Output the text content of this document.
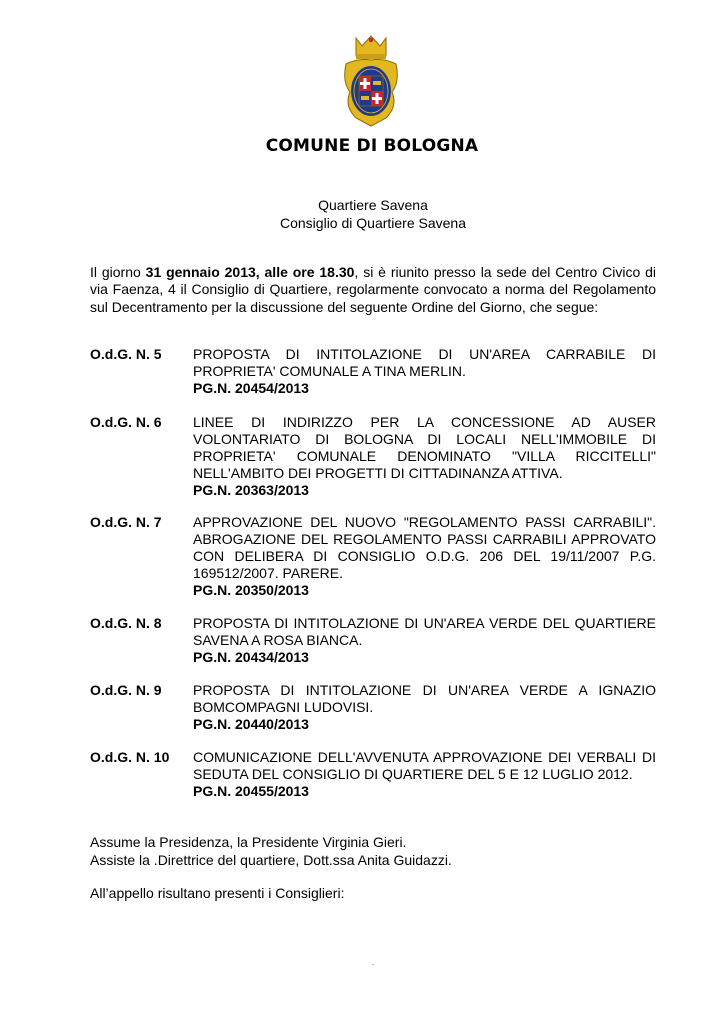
COMUNE DI BOLOGNA
Quartiere Savena
Consiglio di Quartiere Savena
Il giorno 31 gennaio 2013, alle ore 18.30, si è riunito presso la sede del Centro Civico di via Faenza, 4 il Consiglio di Quartiere, regolarmente convocato a norma del Regolamento sul Decentramento per la discussione del seguente Ordine del Giorno, che segue:
O.d.G. N. 5 PROPOSTA DI INTITOLAZIONE DI UN'AREA CARRABILE DI PROPRIETA' COMUNALE A TINA MERLIN.
PG.N. 20454/2013
O.d.G. N. 6 LINEE DI INDIRIZZO PER LA CONCESSIONE AD AUSER VOLONTARIATO DI BOLOGNA DI LOCALI NELL'IMMOBILE DI PROPRIETA' COMUNALE DENOMINATO "VILLA RICCITELLI" NELL'AMBITO DEI PROGETTI DI CITTADINANZA ATTIVA.
PG.N. 20363/2013
O.d.G. N. 7 APPROVAZIONE DEL NUOVO "REGOLAMENTO PASSI CARRABILI". ABROGAZIONE DEL REGOLAMENTO PASSI CARRABILI APPROVATO CON DELIBERA DI CONSIGLIO O.D.G. 206 DEL 19/11/2007 P.G. 169512/2007. PARERE.
PG.N. 20350/2013
O.d.G. N. 8 PROPOSTA DI INTITOLAZIONE DI UN'AREA VERDE DEL QUARTIERE SAVENA A ROSA BIANCA.
PG.N. 20434/2013
O.d.G. N. 9 PROPOSTA DI INTITOLAZIONE DI UN'AREA VERDE A IGNAZIO BOMCOMPAGNI LUDOVISI.
PG.N. 20440/2013
O.d.G. N. 10 COMUNICAZIONE DELL'AVVENUTA APPROVAZIONE DEI VERBALI DI SEDUTA DEL CONSIGLIO DI QUARTIERE DEL 5 E 12 LUGLIO 2012.
PG.N. 20455/2013
Assume la Presidenza, la Presidente Virginia Gieri.
Assiste la .Direttrice del quartiere, Dott.ssa Anita Guidazzi.
All’appello risultano presenti i Consiglieri:
